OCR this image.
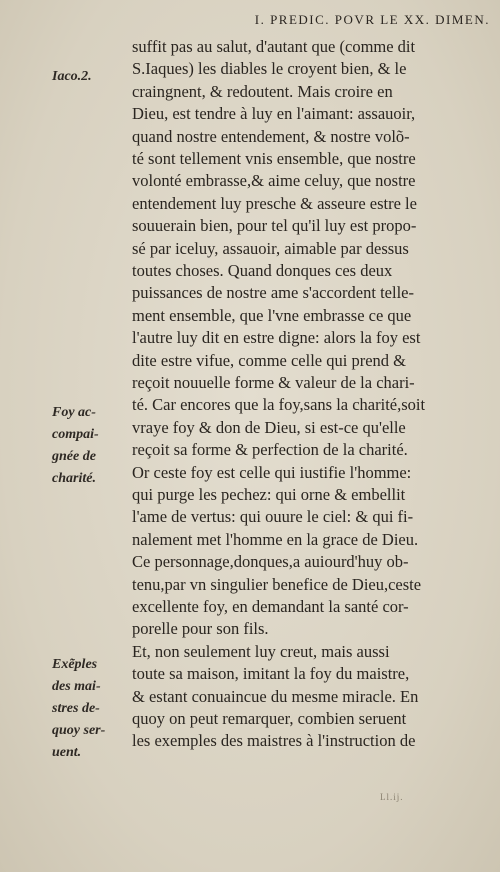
I. PREDIC. POVR LE XX. DIMEN.
Iaco.2.
Foy ac-
compai-
gnée de
charité.
Exẽples
des mai-
stres de-
quoy ser-
uent.
suffit pas au salut, d'autant que (comme dit
S.Iaques) les diables le croyent bien, & le
craingnent, & redoutent. Mais croire en
Dieu, est tendre à luy en l'aimant: assauoir,
quand nostre entendement, & nostre volõ-
té sont tellement vnis ensemble, que nostre
volonté embrasse,& aime celuy, que nostre
entendement luy presche & asseure estre le
souuerain bien, pour tel qu'il luy est propo-
sé par iceluy, assauoir, aimable par dessus
toutes choses. Quand donques ces deux
puissances de nostre ame s'accordent telle-
ment ensemble, que l'vne embrasse ce que
l'autre luy dit en estre digne: alors la foy est
dite estre vifue, comme celle qui prend &
reçoit nouuelle forme & valeur de la chari-
té. Car encores que la foy,sans la charité,soit
vraye foy & don de Dieu, si est-ce qu'elle
reçoit sa forme & perfection de la charité.
Or ceste foy est celle qui iustifie l'homme:
qui purge les pechez: qui orne & embellit
l'ame de vertus: qui ouure le ciel: & qui fi-
nalement met l'homme en la grace de Dieu.
Ce personnage,donques,a auiourd'huy ob-
tenu,par vn singulier benefice de Dieu,ceste
excellente foy, en demandant la santé cor-
porelle pour son fils.
Et, non seulement luy creut, mais aussi
toute sa maison, imitant la foy du maistre,
& estant conuaincue du mesme miracle. En
quoy on peut remarquer, combien seruent
les exemples des maistres à l'instruction de
Ll.ij.
